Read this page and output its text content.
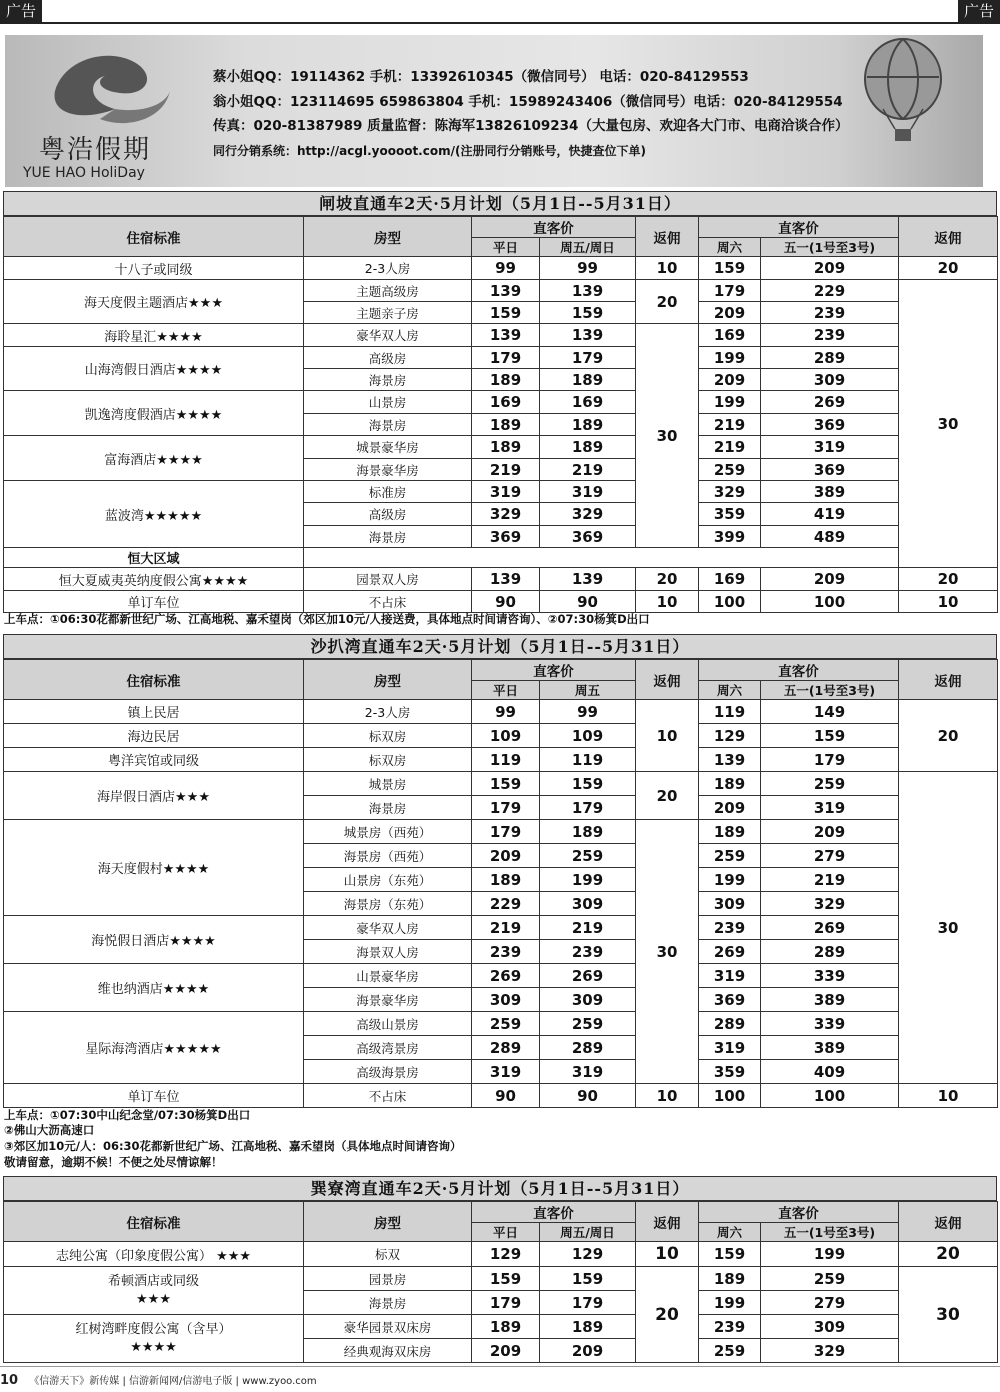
广告	广告
粤浩假期
YUE HAO HoliDay
蔡小姐QQ：19114362 手机：13392610345（微信同号） 电话：020-84129553
翁小姐QQ：123114695 659863804 手机：15989243406（微信同号）电话：020-84129554
传真：020-81387989 质量监督：陈海军13826109234（大量包房、欢迎各大门市、电商洽谈合作）
同行分销系统：http://acgl.yoooot.com/(注册同行分销账号，快捷查位下单)
闸坡直通车2天·5月计划（5月1日--5月31日）
住宿标准	房型	直客价		返佣	直客价		返佣
		平日	周五/周日		周六	五一(1号至3号)	
十八子或同级	2-3人房	99	99	10	159	209	20
海天度假主题酒店★★★	主题高级房	139	139	20	179	229	30
	主题亲子房	159	159		209	239	
海聆星汇★★★★	豪华双人房	139	139	30	169	239	
山海湾假日酒店★★★★	高级房	179	179		199	289	
	海景房	189	189		209	309	
凯逸湾度假酒店★★★★	山景房	169	169		199	269	
	海景房	189	189		219	369	
富海酒店★★★★	城景豪华房	189	189		219	319	
	海景豪华房	219	219		259	369	
蓝波湾★★★★★	标准房	319	319		329	389	
	高级房	329	329		359	419	
	海景房	369	369		399	489	
恒大区域							
恒大夏威夷英纳度假公寓★★★★	园景双人房	139	139	20	169	209	20
单订车位	不占床	90	90	10	100	100	10
上车点：①06:30花都新世纪广场、江高地税、嘉禾望岗（郊区加10元/人接送费，具体地点时间请咨询）、②07:30杨箕D出口
沙扒湾直通车2天·5月计划（5月1日--5月31日）
住宿标准	房型	直客价		返佣	直客价		返佣
		平日	周五		周六	五一(1号至3号)	
镇上民居	2-3人房	99	99	10	119	149	20
海边民居	标双房	109	109		129	159	
粤洋宾馆或同级	标双房	119	119		139	179	
海岸假日酒店★★★	城景房	159	159	20	189	259	30
	海景房	179	179		209	319	
海天度假村★★★★	城景房（西苑）	179	189	30	189	209	
	海景房（西苑）	209	259		259	279	
	山景房（东苑）	189	199		199	219	
	海景房（东苑）	229	309		309	329	
海悦假日酒店★★★★	豪华双人房	219	219		239	269	
	海景双人房	239	239		269	289	
维也纳酒店★★★★	山景豪华房	269	269		319	339	
	海景豪华房	309	309		369	389	
星际海湾酒店★★★★★	高级山景房	259	259		289	339	
	高级湾景房	289	289		319	389	
	高级海景房	319	319		359	409	
单订车位	不占床	90	90	10	100	100	10
上车点：①07:30中山纪念堂/07:30杨箕D出口
②佛山大沥高速口
③郊区加10元/人：06:30花都新世纪广场、江高地税、嘉禾望岗（具体地点时间请咨询）
敬请留意，逾期不候！不便之处尽情谅解！
巽寮湾直通车2天·5月计划（5月1日--5月31日）
住宿标准	房型	直客价		返佣	直客价		返佣
		平日	周五/周日		周六	五一(1号至3号)	
志纯公寓（印象度假公寓） ★★★	标双	129	129	10	159	199	20

希顿酒店或同级
★★★	园景房	159	159	20	189	259	30
	海景房	179	179		199	279	

红树湾畔度假公寓（含早）
★★★★	豪华园景双床房	189	189		239	309	
	经典观海双床房	209	209		259	329	
10 《信游天下》新传媒 | 信游新闻网/信游电子版 | www.zyoo.com
